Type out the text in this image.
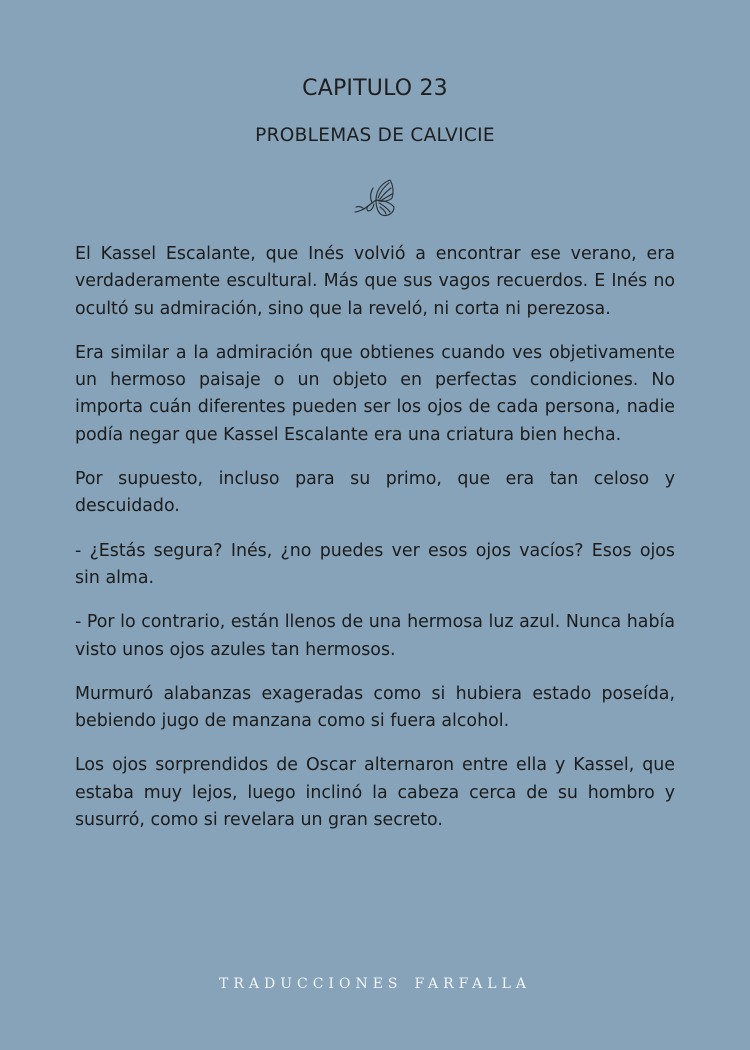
CAPITULO 23
PROBLEMAS DE CALVICIE

El Kassel Escalante, que Inés volvió a encontrar ese verano, era verdaderamente escultural. Más que sus vagos recuerdos. E Inés no ocultó su admiración, sino que la reveló, ni corta ni perezosa.

Era similar a la admiración que obtienes cuando ves objetivamente un hermoso paisaje o un objeto en perfectas condiciones. No importa cuán diferentes pueden ser los ojos de cada persona, nadie podía negar que Kassel Escalante era una criatura bien hecha.

Por supuesto, incluso para su primo, que era tan celoso y descuidado.

- ¿Estás segura? Inés, ¿no puedes ver esos ojos vacíos? Esos ojos sin alma.

- Por lo contrario, están llenos de una hermosa luz azul. Nunca había visto unos ojos azules tan hermosos.

Murmuró alabanzas exageradas como si hubiera estado poseída, bebiendo jugo de manzana como si fuera alcohol.

Los ojos sorprendidos de Oscar alternaron entre ella y Kassel, que estaba muy lejos, luego inclinó la cabeza cerca de su hombro y susurró, como si revelara un gran secreto.

TRADUCCIONES FARFALLA
